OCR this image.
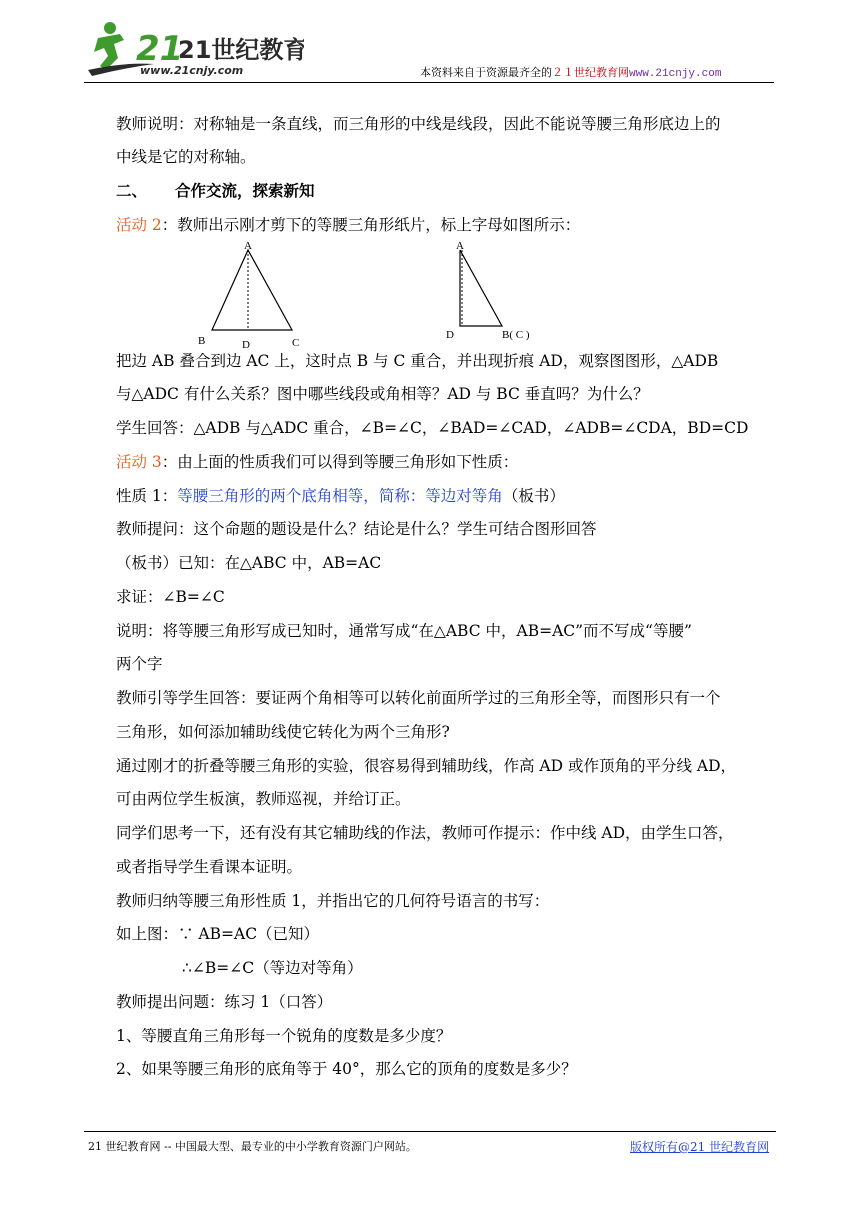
21
21世纪教育
www.21cnjy.com	本资料来自于资源最齐全的２１世纪教育网www.21cnjy.com
教师说明：对称轴是一条直线，而三角形的中线是线段，因此不能说等腰三角形底边上的
中线是它的对称轴。
二、 合作交流，探索新知
活动 2：教师出示刚才剪下的等腰三角形纸片，标上字母如图所示：
A
B	D	C
A
D	B( C )
把边 AB 叠合到边 AC 上，这时点 B 与 C 重合，并出现折痕 AD，观察图图形，△ADB
与△ADC 有什么关系？图中哪些线段或角相等？AD 与 BC 垂直吗？为什么？
学生回答：△ADB 与△ADC 重合，∠B=∠C，∠BAD=∠CAD，∠ADB=∠CDA，BD=CD
活动 3：由上面的性质我们可以得到等腰三角形如下性质：
性质 1：等腰三角形的两个底角相等，简称：等边对等角（板书）
教师提问：这个命题的题设是什么？结论是什么？学生可结合图形回答
（板书）已知：在△ABC 中，AB=AC
求证：∠B=∠C
说明：将等腰三角形写成已知时，通常写成“在△ABC 中，AB=AC”而不写成“等腰”
两个字
教师引等学生回答：要证两个角相等可以转化前面所学过的三角形全等，而图形只有一个
三角形，如何添加辅助线使它转化为两个三角形?
通过刚才的折叠等腰三角形的实验，很容易得到辅助线，作高 AD 或作顶角的平分线 AD，
可由两位学生板演，教师巡视，并给订正。
同学们思考一下，还有没有其它辅助线的作法，教师可作提示：作中线 AD，由学生口答，
或者指导学生看课本证明。
教师归纳等腰三角形性质 1，并指出它的几何符号语言的书写：
如上图：∵ AB=AC（已知）
∴∠B=∠C（等边对等角）
教师提出问题：练习 1（口答）
1、等腰直角三角形每一个锐角的度数是多少度？
2、如果等腰三角形的底角等于 40°，那么它的顶角的度数是多少？
21 世纪教育网 -- 中国最大型、最专业的中小学教育资源门户网站。	版权所有@21 世纪教育网
